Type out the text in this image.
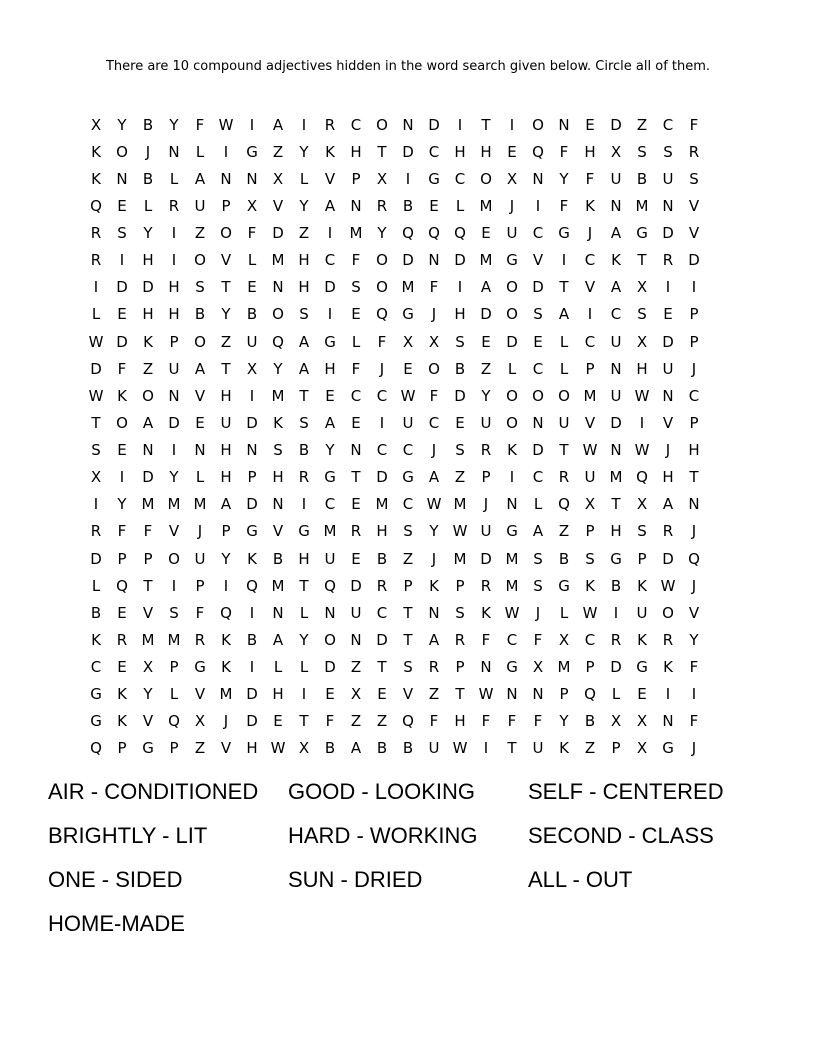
There are 10 compound adjectives hidden in the word search given below. Circle all of them.
X	Y	B	Y	F W	I	A	I	R	C O N D	I	T	I	O N	E	D	Z	C	F
K	O	J	N	L	I	G	Z	Y	K	H	T	D C	H H	E	Q	F	H	X	S	S	R
K	N	B	L	A	N N	X	L	V	P	X	I	G C O X	N	Y	F	U	B	U	S
Q	E	L	R	U	P	X	V	Y	A	N	R	B	E	L	M	J	I	F	K	N M N	V
R	S	Y	I	Z O	F	D	Z	I	M Y	Q Q Q	E	U	C G	J	A	G D	V
R	I	H	I	O V	L	M H	C	F	O D N D M G	V	I	C	K	T	R	D
I	D D H	S	T	E	N H D	S	O M	F	I	A O D	T	V	A	X	I	I
L	E	H H	B	Y	B O	S	I	E	Q G	J	H D O	S	A	I	C	S	E	P
W D	K	P	O Z	U Q A	G	L	F	X	X	S	E	D	E	L	C	U	X	D	P
D	F	Z	U	A	T	X	Y	A	H	F	J	E	O B	Z	L	C	L	P	N H U	J
W K	O N	V	H	I	M T	E	C	C W F	D	Y	O O O M U W N	C
T	O A	D	E	U D	K	S	A	E	I	U	C	E	U O N U	V	D	I	V	P
S	E	N	I	N H N	S	B	Y	N	C	C	J	S	R	K	D	T W N W	J	H
X	I	D	Y	L	H	P	H	R G	T	D G	A	Z	P	I	C	R	U M Q H	T
I	Y M M M A	D N	I	C	E M C W M	J	N	L	Q X	T	X	A	N
R	F	F	V	J	P	G	V	G M R	H	S	Y W U G	A	Z	P	H	S	R	J
D	P	P	O U	Y	K	B	H U	E	B	Z	J	M D M S	B	S	G	P	D Q
L	Q	T	I	P	I	Q M T	Q D	R	P	K	P	R M S	G	K	B	K W	J
B	E	V	S	F	Q	I	N	L	N U	C	T	N	S	K W	J	L W	I	U O V
K	R M M R	K	B	A	Y	O N D	T	A	R	F	C	F	X	C	R	K	R	Y
C	E	X	P	G	K	I	L	L	D	Z	T	S	R	P	N G	X M	P	D G	K	F
G	K	Y	L	V M D H	I	E	X	E	V	Z	T W N N	P	Q	L	E	I	I
G	K	V Q X	J	D	E	T	F	Z	Z Q	F	H	F	F	F	Y	B	X	X	N	F
Q	P	G	P	Z	V	H W X	B	A	B	B	U W	I	T	U	K	Z	P	X	G	J
AIR - CONDITIONED	GOOD - LOOKING	SELF - CENTERED
BRIGHTLY - LIT	HARD - WORKING	SECOND - CLASS
ONE - SIDED	SUN - DRIED	ALL - OUT
HOME-MADE
